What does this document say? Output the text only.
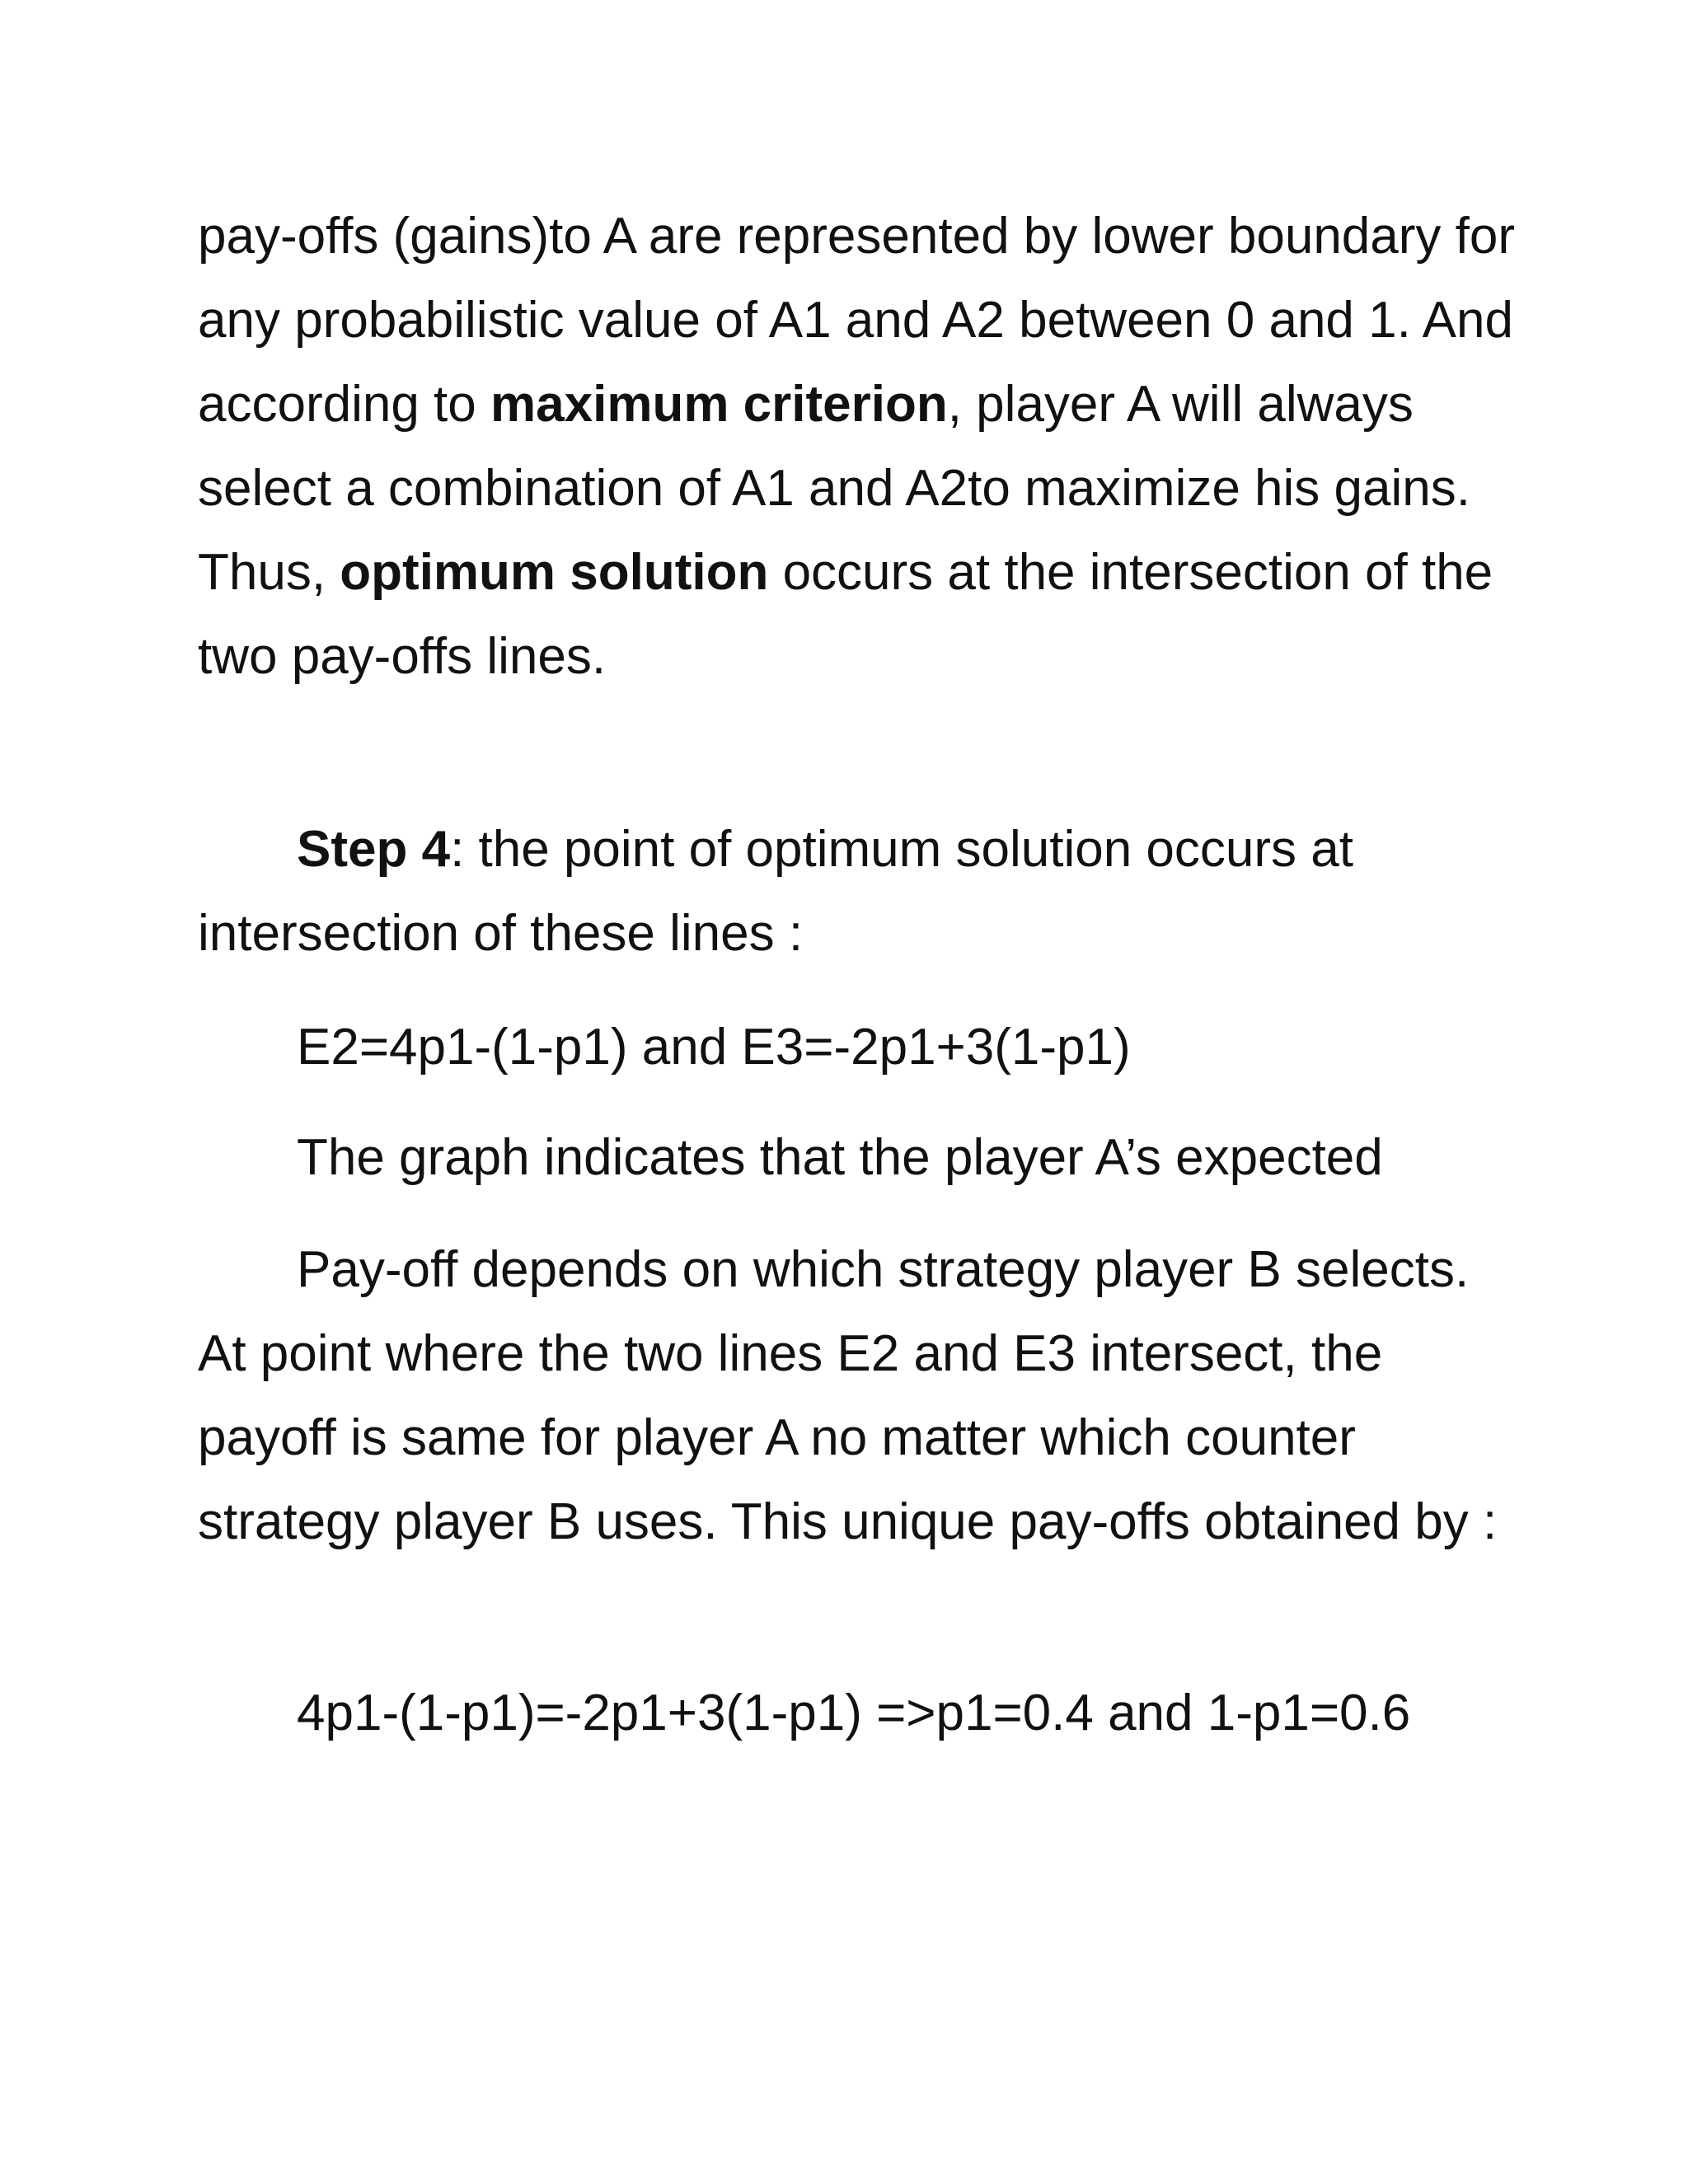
pay-offs (gains)to A are represented by lower boundary for any probabilistic value of A1 and A2 between 0 and 1. And according to maximum criterion, player A will always select a combination of A1 and A2to maximize his gains. Thus, optimum solution occurs at the intersection of the two pay-offs lines.

Step 4: the point of optimum solution occurs at intersection of these lines :

E2=4p1-(1-p1) and E3=-2p1+3(1-p1)

The graph indicates that the player A’s expected

Pay-off depends on which strategy player B selects. At point where the two lines E2 and E3 intersect, the payoff is same for player A no matter which counter strategy player B uses. This unique pay-offs obtained by :

4p1-(1-p1)=-2p1+3(1-p1) =>p1=0.4 and 1-p1=0.6
